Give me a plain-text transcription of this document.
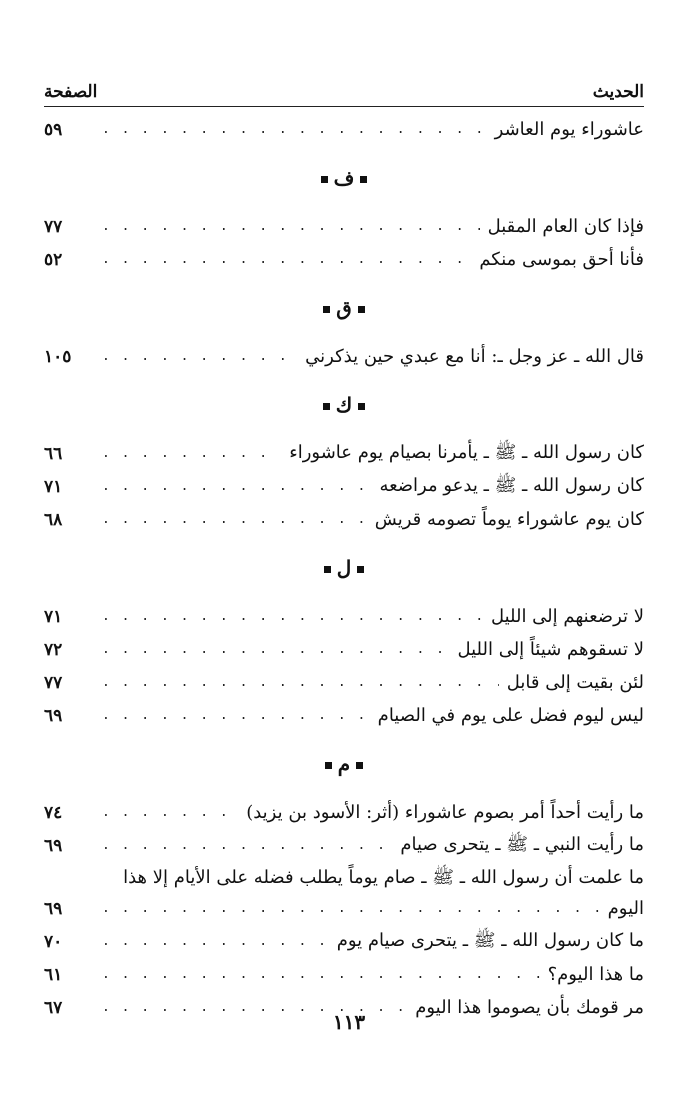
الحديث
الصفحة
عاشوراء يوم العاشر
. . .
٥٩
ف
فإذا كان العام المقبل
. . .
٧٧
فأنا أحق بموسى منكم
. . .
٥٢
ق
قال الله ـ عز وجل ـ: أنا مع عبدي حين يذكرني
. . .
١٠٥
ك
كان رسول الله ـ ﷺ ـ يأمرنا بصيام يوم عاشوراء
. . .
٦٦
كان رسول الله ـ ﷺ ـ يدعو مراضعه
. . .
٧١
كان يوم عاشوراء يوماً تصومه قريش
. . .
٦٨
ل
لا ترضعنهم إلى الليل
. . .
٧١
لا تسقوهم شيئاً إلى الليل
. . .
٧٢
لئن بقيت إلى قابل
. . .
٧٧
ليس ليوم فضل على يوم في الصيام
. . .
٦٩
م
ما رأيت أحداً أمر بصوم عاشوراء (أثر: الأسود بن يزيد)
. . .
٧٤
ما رأيت النبي ـ ﷺ ـ يتحرى صيام
. . .
٦٩
ما علمت أن رسول الله ـ ﷺ ـ صام يوماً يطلب فضله على الأيام إلا هذا
اليوم
. . .
٦٩
ما كان رسول الله ـ ﷺ ـ يتحرى صيام يوم
. . .
٧٠
ما هذا اليوم؟
. . .
٦١
مر قومك بأن يصوموا هذا اليوم
. . .
٦٧
١١٣
